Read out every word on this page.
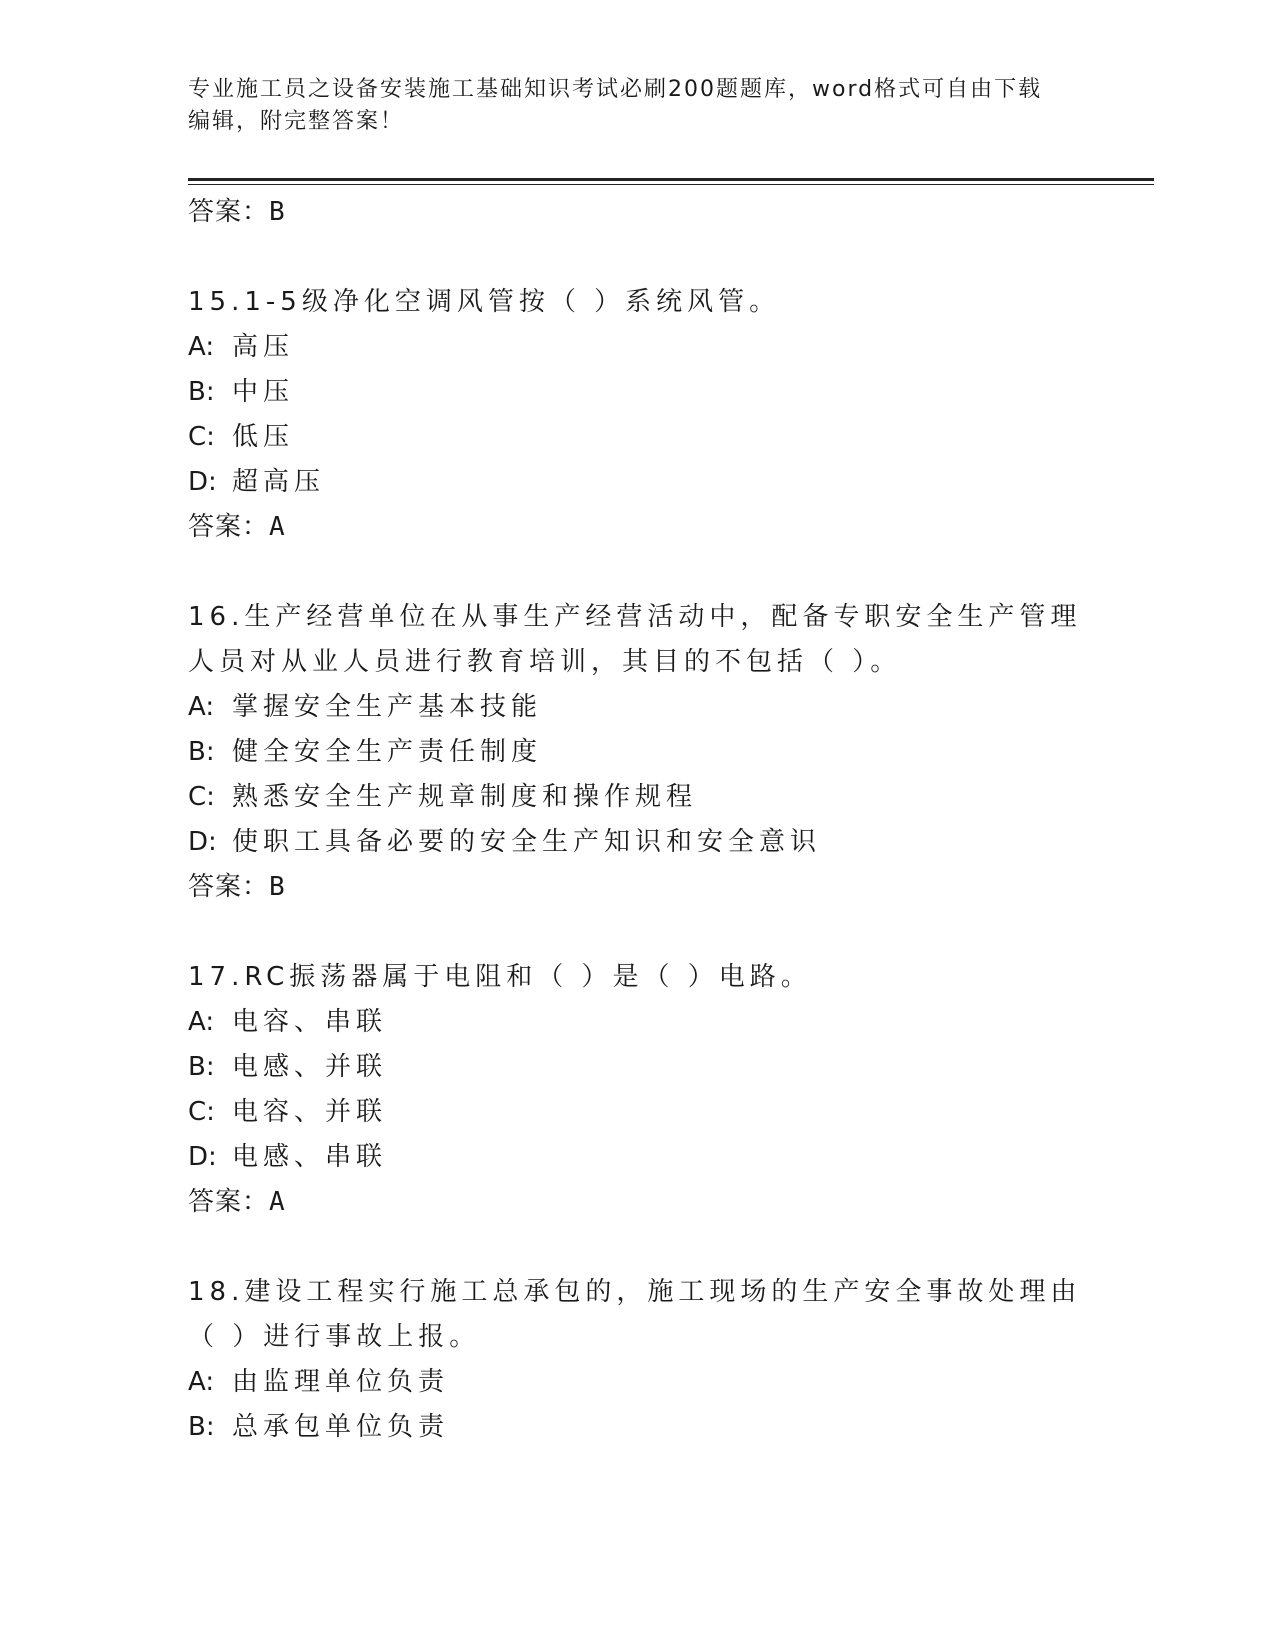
专业施工员之设备安装施工基础知识考试必刷200题题库，word格式可自由下载
编辑，附完整答案！
答案：B
15.1-5级净化空调风管按（ ）系统风管。
A: 高压
B: 中压
C: 低压
D: 超高压
答案：A
16.生产经营单位在从事生产经营活动中，配备专职安全生产管理人员对从业人员进行教育培训，其目的不包括（ ）。
A: 掌握安全生产基本技能
B: 健全安全生产责任制度
C: 熟悉安全生产规章制度和操作规程
D: 使职工具备必要的安全生产知识和安全意识
答案：B
17.RC振荡器属于电阻和（ ）是（ ）电路。
A: 电容、串联
B: 电感、并联
C: 电容、并联
D: 电感、串联
答案：A
18.建设工程实行施工总承包的，施工现场的生产安全事故处理由（ ）进行事故上报。
A: 由监理单位负责
B: 总承包单位负责
